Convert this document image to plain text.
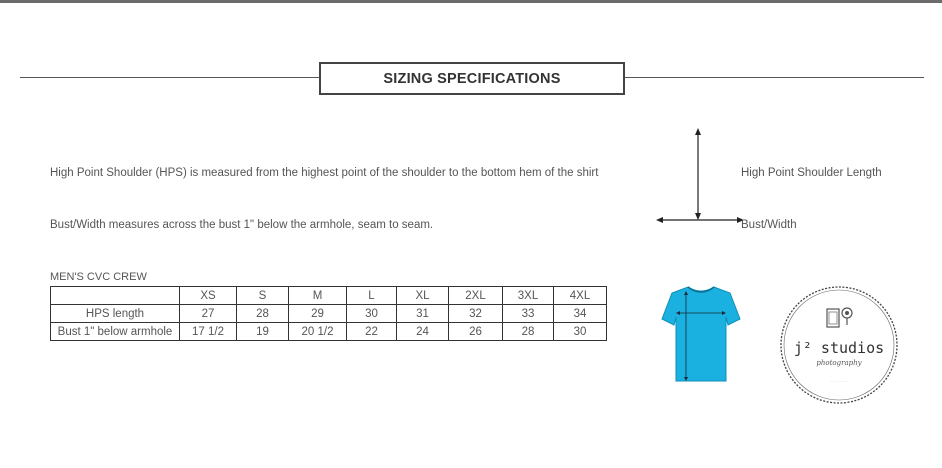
SIZING SPECIFICATIONS
High Point Shoulder (HPS) is measured from the highest point of the shoulder to the bottom hem of the shirt
Bust/Width measures across the bust 1" below the armhole, seam to seam.
High Point Shoulder Length
Bust/Width
MEN'S CVC CREW
	XS	S	M	L	XL	2XL	3XL	4XL
HPS length	27	28	29	30	31	32	33	34
Bust 1" below armhole	17 1/2	19	20 1/2	22	24	26	28	30
j² studios
photography
· · · · · · · ·
